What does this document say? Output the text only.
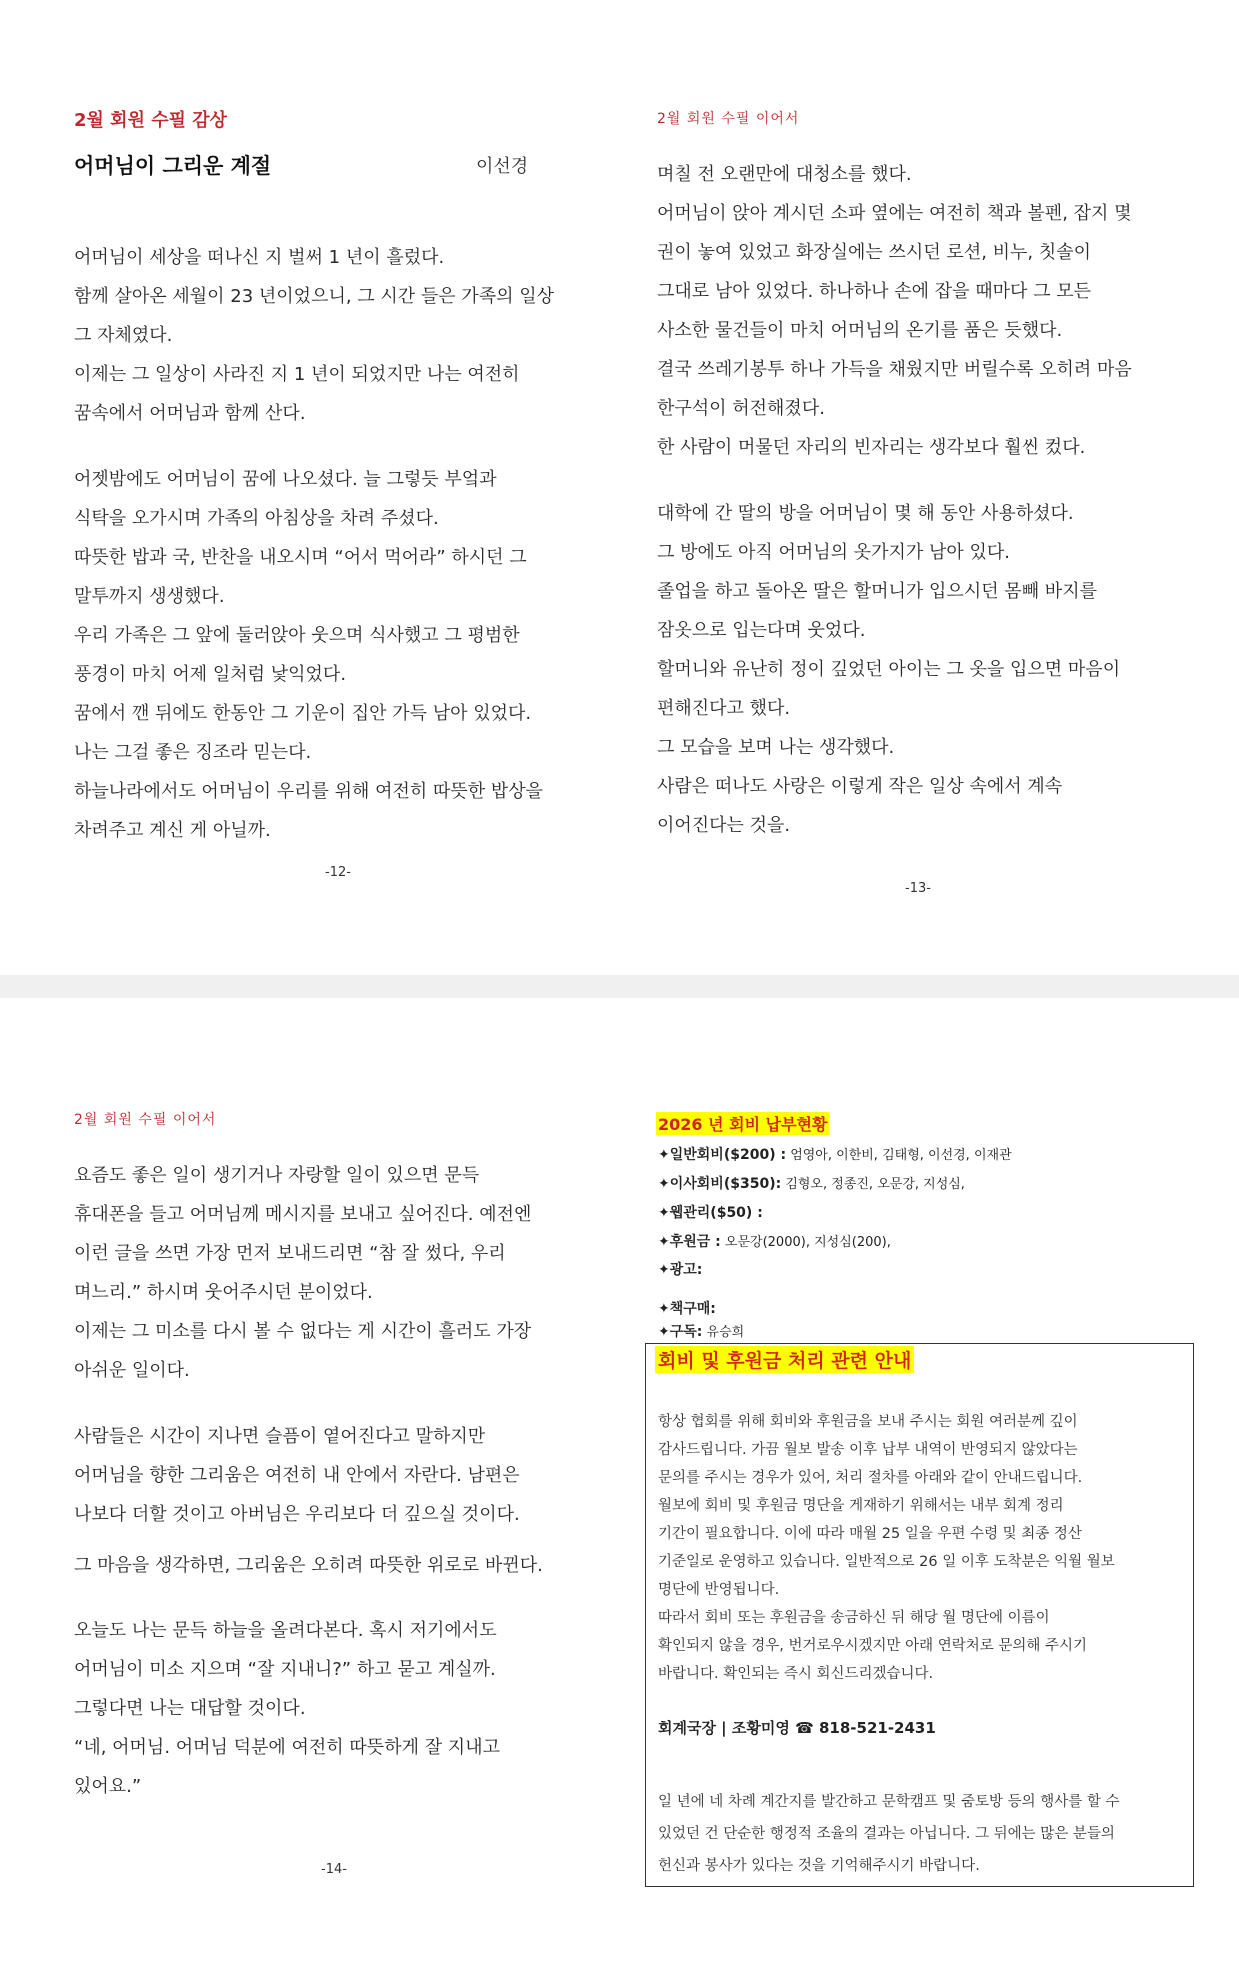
2월 회원 수필 감상
어머님이 그리운 계절	이선경

어머님이 세상을 떠나신 지 벌써 1 년이 흘렀다.

함께 살아온 세월이 23 년이었으니, 그 시간 들은 가족의 일상

그 자체였다.

이제는 그 일상이 사라진 지 1 년이 되었지만 나는 여전히

꿈속에서 어머님과 함께 산다.

어젯밤에도 어머님이 꿈에 나오셨다. 늘 그렇듯 부엌과

식탁을 오가시며 가족의 아침상을 차려 주셨다.

따뜻한 밥과 국, 반찬을 내오시며 “어서 먹어라” 하시던 그

말투까지 생생했다.

우리 가족은 그 앞에 둘러앉아 웃으며 식사했고 그 평범한

풍경이 마치 어제 일처럼 낯익었다.

꿈에서 깬 뒤에도 한동안 그 기운이 집안 가득 남아 있었다.

나는 그걸 좋은 징조라 믿는다.

하늘나라에서도 어머님이 우리를 위해 여전히 따뜻한 밥상을

차려주고 계신 게 아닐까.

-12-
2월 회원 수필 이어서

며칠 전 오랜만에 대청소를 했다.

어머님이 앉아 계시던 소파 옆에는 여전히 책과 볼펜, 잡지 몇

권이 놓여 있었고 화장실에는 쓰시던 로션, 비누, 칫솔이

그대로 남아 있었다. 하나하나 손에 잡을 때마다 그 모든

사소한 물건들이 마치 어머님의 온기를 품은 듯했다.

결국 쓰레기봉투 하나 가득을 채웠지만 버릴수록 오히려 마음

한구석이 허전해졌다.

한 사람이 머물던 자리의 빈자리는 생각보다 훨씬 컸다.

대학에 간 딸의 방을 어머님이 몇 해 동안 사용하셨다.

그 방에도 아직 어머님의 옷가지가 남아 있다.

졸업을 하고 돌아온 딸은 할머니가 입으시던 몸빼 바지를

잠옷으로 입는다며 웃었다.

할머니와 유난히 정이 깊었던 아이는 그 옷을 입으면 마음이

편해진다고 했다.

그 모습을 보며 나는 생각했다.

사람은 떠나도 사랑은 이렇게 작은 일상 속에서 계속

이어진다는 것을.

-13-
2월 회원 수필 이어서

요즘도 좋은 일이 생기거나 자랑할 일이 있으면 문득

휴대폰을 들고 어머님께 메시지를 보내고 싶어진다. 예전엔

이런 글을 쓰면 가장 먼저 보내드리면 “참 잘 썼다, 우리

며느리.” 하시며 웃어주시던 분이었다.

이제는 그 미소를 다시 볼 수 없다는 게 시간이 흘러도 가장

아쉬운 일이다.

사람들은 시간이 지나면 슬픔이 옅어진다고 말하지만

어머님을 향한 그리움은 여전히 내 안에서 자란다. 남편은

나보다 더할 것이고 아버님은 우리보다 더 깊으실 것이다.

그 마음을 생각하면, 그리움은 오히려 따뜻한 위로로 바뀐다.

오늘도 나는 문득 하늘을 올려다본다. 혹시 저기에서도

어머님이 미소 지으며 “잘 지내니?” 하고 묻고 계실까.

그렇다면 나는 대답할 것이다.

“네, 어머님. 어머님 덕분에 여전히 따뜻하게 잘 지내고

있어요.”

-14-
2026 년 회비 납부현황
✦일반회비($200) : 엄영아, 이한비, 김태형, 이선경, 이재관
✦이사회비($350): 김형오, 정종진, 오문강, 지성심,
✦웹관리($50) :
✦후원금 : 오문강(2000), 지성심(200),
✦광고:
✦책구매:
✦구독: 유승희
회비 및 후원금 처리 관련 안내
항상 협회를 위해 회비와 후원금을 보내 주시는 회원 여러분께 깊이
감사드립니다. 가끔 월보 발송 이후 납부 내역이 반영되지 않았다는
문의를 주시는 경우가 있어, 처리 절차를 아래와 같이 안내드립니다.
월보에 회비 및 후원금 명단을 게재하기 위해서는 내부 회계 정리
기간이 필요합니다. 이에 따라 매월 25 일을 우편 수령 및 최종 정산
기준일로 운영하고 있습니다. 일반적으로 26 일 이후 도착분은 익월 월보
명단에 반영됩니다.
따라서 회비 또는 후원금을 송금하신 뒤 해당 월 명단에 이름이
확인되지 않을 경우, 번거로우시겠지만 아래 연락처로 문의해 주시기
바랍니다. 확인되는 즉시 회신드리겠습니다.
회계국장 | 조황미영 ☎ 818-521-2431
일 년에 네 차례 계간지를 발간하고 문학캠프 및 줌토방 등의 행사를 할 수
있었던 건 단순한 행정적 조율의 결과는 아닙니다. 그 뒤에는 많은 분들의
헌신과 봉사가 있다는 것을 기억해주시기 바랍니다.
